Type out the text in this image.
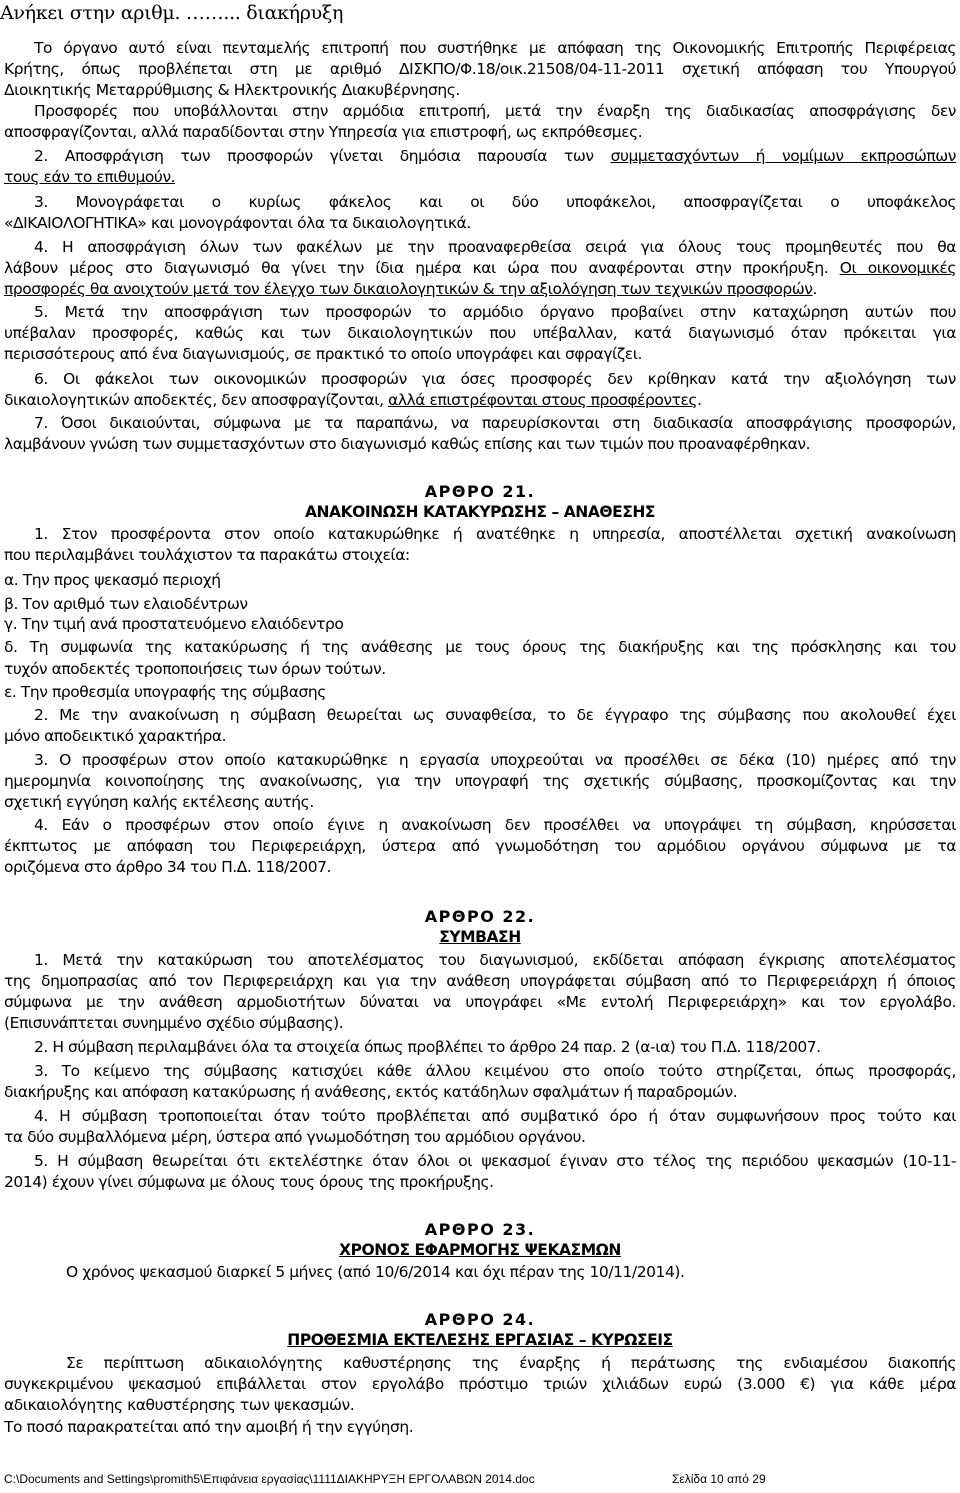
Ανήκει στην αριθμ. ……... διακήρυξη
Το όργανο αυτό είναι πενταμελής επιτροπή που συστήθηκε με απόφαση της Οικονομικής Επιτροπής Περιφέρειας
Κρήτης, όπως προβλέπεται στη με αριθμό ΔΙΣΚΠΟ/Φ.18/οικ.21508/04-11-2011 σχετική απόφαση του Υπουργού
Διοικητικής Μεταρρύθμισης & Ηλεκτρονικής Διακυβέρνησης.
Προσφορές που υποβάλλονται στην αρμόδια επιτροπή, μετά την έναρξη της διαδικασίας αποσφράγισης δεν
αποσφραγίζονται, αλλά παραδίδονται στην Υπηρεσία για επιστροφή, ως εκπρόθεσμες.
2. Αποσφράγιση των προσφορών γίνεται δημόσια παρουσία των συμμετασχόντων ή νομίμων εκπροσώπων
τους εάν το επιθυμούν.
3. Μονογράφεται ο κυρίως φάκελος και οι δύο υποφάκελοι, αποσφραγίζεται ο υποφάκελος
«ΔΙΚΑΙΟΛΟΓΗΤΙΚΑ» και μονογράφονται όλα τα δικαιολογητικά.
4. Η αποσφράγιση όλων των φακέλων με την προαναφερθείσα σειρά για όλους τους προμηθευτές που θα
λάβουν μέρος στο διαγωνισμό θα γίνει την ίδια ημέρα και ώρα που αναφέρονται στην προκήρυξη. Οι οικονομικές
προσφορές θα ανοιχτούν μετά τον έλεγχο των δικαιολογητικών & την αξιολόγηση των τεχνικών προσφορών.
5. Μετά την αποσφράγιση των προσφορών το αρμόδιο όργανο προβαίνει στην καταχώρηση αυτών που
υπέβαλαν προσφορές, καθώς και των δικαιολογητικών που υπέβαλλαν, κατά διαγωνισμό όταν πρόκειται για
περισσότερους από ένα διαγωνισμούς, σε πρακτικό το οποίο υπογράφει και σφραγίζει.
6. Οι φάκελοι των οικονομικών προσφορών για όσες προσφορές δεν κρίθηκαν κατά την αξιολόγηση των
δικαιολογητικών αποδεκτές, δεν αποσφραγίζονται, αλλά επιστρέφονται στους προσφέροντες.
7. Όσοι δικαιούνται, σύμφωνα με τα παραπάνω, να παρευρίσκονται στη διαδικασία αποσφράγισης προσφορών,
λαμβάνουν γνώση των συμμετασχόντων στο διαγωνισμό καθώς επίσης και των τιμών που προαναφέρθηκαν.
ΑΡΘΡΟ 21.
ΑΝΑΚΟΙΝΩΣΗ ΚΑΤΑΚΥΡΩΣΗΣ – ΑΝΑΘΕΣΗΣ
1. Στον προσφέροντα στον οποίο κατακυρώθηκε ή ανατέθηκε η υπηρεσία, αποστέλλεται σχετική ανακοίνωση
που περιλαμβάνει τουλάχιστον τα παρακάτω στοιχεία:
α. Την προς ψεκασμό περιοχή
β. Τον αριθμό των ελαιοδέντρων
γ. Την τιμή ανά προστατευόμενο ελαιόδεντρο
δ. Τη συμφωνία της κατακύρωσης ή της ανάθεσης με τους όρους της διακήρυξης και της πρόσκλησης και του
τυχόν αποδεκτές τροποποιήσεις των όρων τούτων.
ε. Την προθεσμία υπογραφής της σύμβασης
2. Με την ανακοίνωση η σύμβαση θεωρείται ως συναφθείσα, το δε έγγραφο της σύμβασης που ακολουθεί έχει
μόνο αποδεικτικό χαρακτήρα.
3. Ο προσφέρων στον οποίο κατακυρώθηκε η εργασία υποχρεούται να προσέλθει σε δέκα (10) ημέρες από την
ημερομηνία κοινοποίησης της ανακοίνωσης, για την υπογραφή της σχετικής σύμβασης, προσκομίζοντας και την
σχετική εγγύηση καλής εκτέλεσης αυτής.
4. Εάν ο προσφέρων στον οποίο έγινε η ανακοίνωση δεν προσέλθει να υπογράψει τη σύμβαση, κηρύσσεται
έκπτωτος με απόφαση του Περιφερειάρχη, ύστερα από γνωμοδότηση του αρμόδιου οργάνου σύμφωνα με τα
οριζόμενα στο άρθρο 34 του Π.Δ. 118/2007.
ΑΡΘΡΟ 22.
ΣΥΜΒΑΣΗ
1. Μετά την κατακύρωση του αποτελέσματος του διαγωνισμού, εκδίδεται απόφαση έγκρισης αποτελέσματος
της δημοπρασίας από τον Περιφερειάρχη και για την ανάθεση υπογράφεται σύμβαση από το Περιφερειάρχη ή όποιος
σύμφωνα με την ανάθεση αρμοδιοτήτων δύναται να υπογράφει «Με εντολή Περιφερειάρχη» και τον εργολάβο.
(Επισυνάπτεται συνημμένο σχέδιο σύμβασης).
2. Η σύμβαση περιλαμβάνει όλα τα στοιχεία όπως προβλέπει το άρθρο 24 παρ. 2 (α-ια) του Π.Δ. 118/2007.
3. Το κείμενο της σύμβασης κατισχύει κάθε άλλου κειμένου στο οποίο τούτο στηρίζεται, όπως προσφοράς,
διακήρυξης και απόφαση κατακύρωσης ή ανάθεσης, εκτός κατάδηλων σφαλμάτων ή παραδρομών.
4. Η σύμβαση τροποποιείται όταν τούτο προβλέπεται από συμβατικό όρο ή όταν συμφωνήσουν προς τούτο και
τα δύο συμβαλλόμενα μέρη, ύστερα από γνωμοδότηση του αρμόδιου οργάνου.
5. Η σύμβαση θεωρείται ότι εκτελέστηκε όταν όλοι οι ψεκασμοί έγιναν στο τέλος της περιόδου ψεκασμών (10-11-
2014) έχουν γίνει σύμφωνα με όλους τους όρους της προκήρυξης.
ΑΡΘΡΟ 23.
ΧΡΟΝΟΣ ΕΦΑΡΜΟΓΗΣ ΨΕΚΑΣΜΩΝ
Ο χρόνος ψεκασμού διαρκεί 5 μήνες (από 10/6/2014 και όχι πέραν της 10/11/2014).
ΑΡΘΡΟ 24.
ΠΡΟΘΕΣΜΙΑ ΕΚΤΕΛΕΣΗΣ ΕΡΓΑΣΙΑΣ – ΚΥΡΩΣΕΙΣ
Σε περίπτωση αδικαιολόγητης καθυστέρησης της έναρξης ή περάτωσης της ενδιαμέσου διακοπής
συγκεκριμένου ψεκασμού επιβάλλεται στον εργολάβο πρόστιμο τριών χιλιάδων ευρώ (3.000 €) για κάθε μέρα
αδικαιολόγητης καθυστέρησης των ψεκασμών.
Το ποσό παρακρατείται από την αμοιβή ή την εγγύηση.
C:\Documents and Settings\promith5\Επιφάνεια εργασίας\1111ΔΙΑΚΗΡΥΞΗ ΕΡΓΟΛΑΒΩΝ 2014.doc	Σελίδα 10 από 29
